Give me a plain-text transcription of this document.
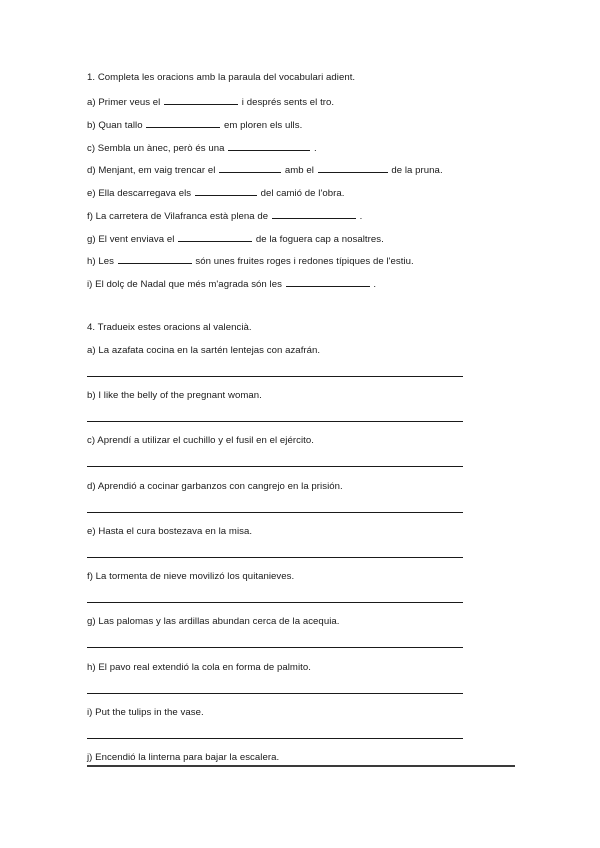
1. Completa les oracions amb la paraula del vocabulari adient.
a) Primer veus el	i després sents el tro.
b) Quan tallo	em ploren els ulls.
c) Sembla un ànec, però és una	.
d) Menjant, em vaig trencar el	amb el	de la pruna.
e) Ella descarregava els	del camió de l'obra.
f) La carretera de Vilafranca està plena de	.
g) El vent enviava el	de la foguera cap a nosaltres.
h) Les	són unes fruites roges i redones típiques de l'estiu.
i) El dolç de Nadal que més m'agrada són les	.
4. Tradueix estes oracions al valencià.
a) La azafata cocina en la sartén lentejas con azafrán.
b) I like the belly of the pregnant woman.
c) Aprendí a utilizar el cuchillo y el fusil en el ejército.
d) Aprendió a cocinar garbanzos con cangrejo en la prisión.
e) Hasta el cura bostezava en la misa.
f) La tormenta de nieve movilizó los quitanieves.
g) Las palomas y las ardillas abundan cerca de la acequia.
h) El pavo real extendió la cola en forma de palmito.
i) Put the tulips in the vase.
j) Encendió la linterna para bajar la escalera.
